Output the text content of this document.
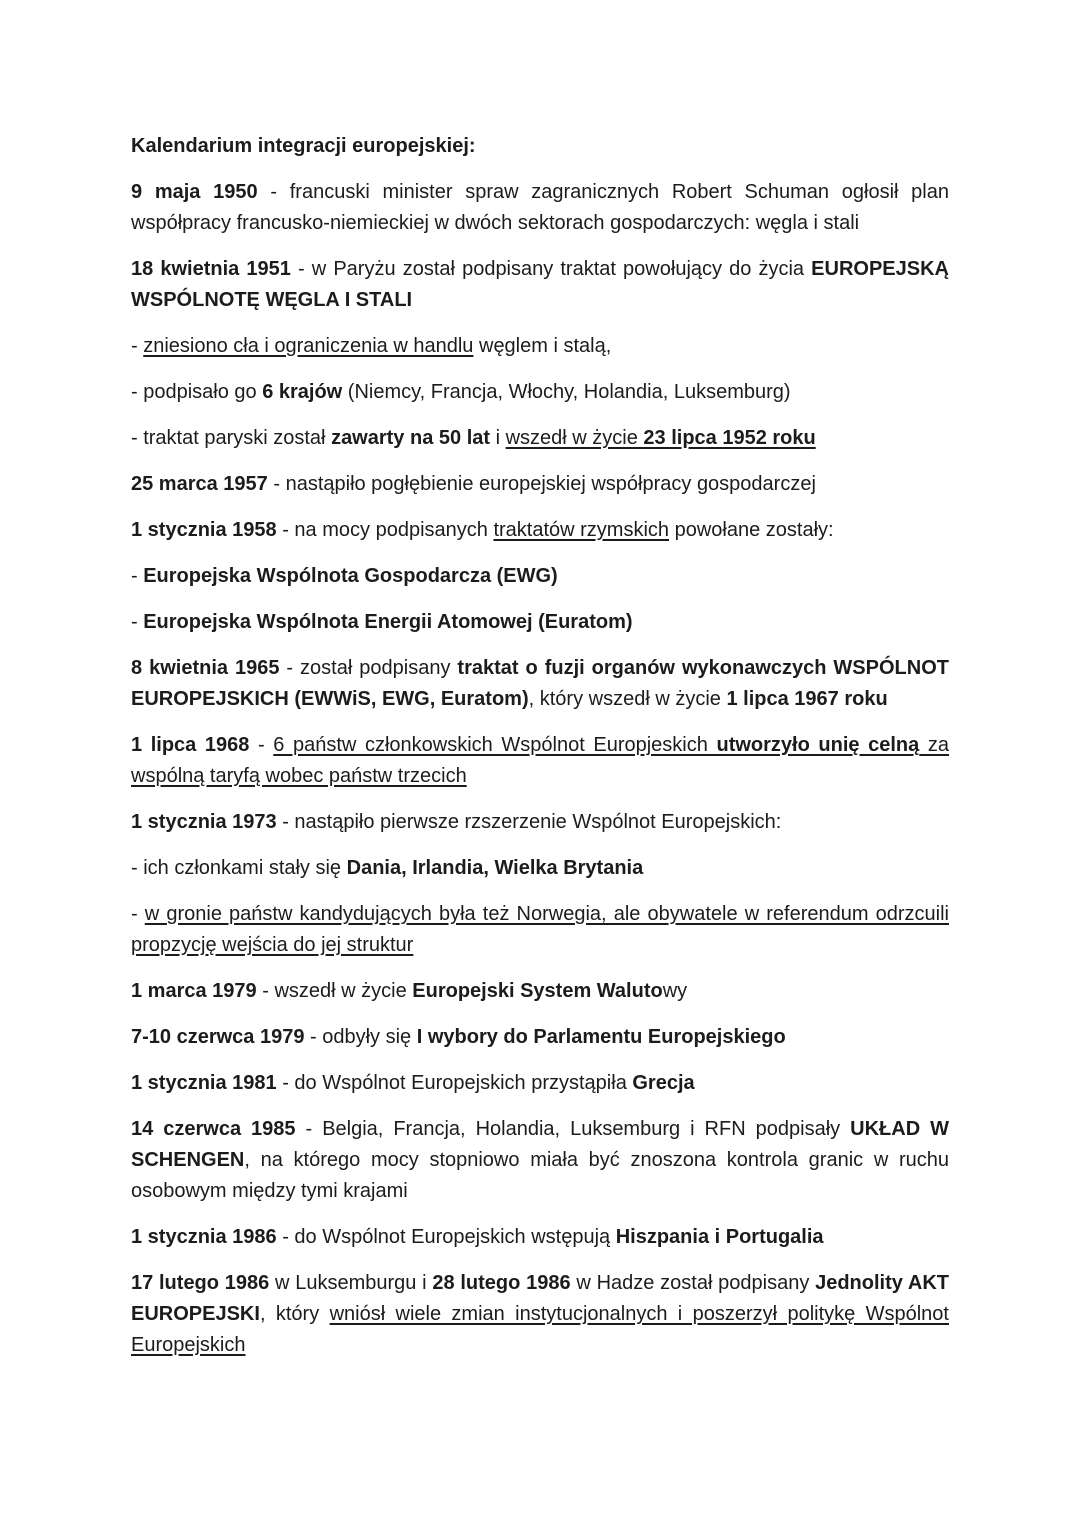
Kalendarium integracji europejskiej:

9 maja 1950 - francuski minister spraw zagranicznych Robert Schuman ogłosił plan współpracy francusko-niemieckiej w dwóch sektorach gospodarczych: węgla i stali

18 kwietnia 1951 - w Paryżu został podpisany traktat powołujący do życia EUROPEJSKĄ WSPÓLNOTĘ WĘGLA I STALI

- zniesiono cła i ograniczenia w handlu węglem i stalą,

- podpisało go 6 krajów (Niemcy, Francja, Włochy, Holandia, Luksemburg)

- traktat paryski został zawarty na 50 lat i wszedł w życie 23 lipca 1952 roku

25 marca 1957 - nastąpiło pogłębienie europejskiej współpracy gospodarczej

1 stycznia 1958 - na mocy podpisanych traktatów rzymskich powołane zostały:

- Europejska Wspólnota Gospodarcza (EWG)

- Europejska Wspólnota Energii Atomowej (Euratom)

8 kwietnia 1965 - został podpisany traktat o fuzji organów wykonawczych WSPÓLNOT EUROPEJSKICH (EWWiS, EWG, Euratom), który wszedł w życie 1 lipca 1967 roku

1 lipca 1968 - 6 państw członkowskich Wspólnot Europjeskich utworzyło unię celną za wspólną taryfą wobec państw trzecich

1 stycznia 1973 - nastąpiło pierwsze rzszerzenie Wspólnot Europejskich:

- ich członkami stały się Dania, Irlandia, Wielka Brytania

- w gronie państw kandydujących była też Norwegia, ale obywatele w referendum odrzcuili propzycję wejścia do jej struktur

1 marca 1979 - wszedł w życie Europejski System Walutowy

7-10 czerwca 1979 - odbyły się I wybory do Parlamentu Europejskiego

1 stycznia 1981 - do Wspólnot Europejskich przystąpiła Grecja

14 czerwca 1985 - Belgia, Francja, Holandia, Luksemburg i RFN podpisały UKŁAD W SCHENGEN, na którego mocy stopniowo miała być znoszona kontrola granic w ruchu osobowym między tymi krajami

1 stycznia 1986 - do Wspólnot Europejskich wstępują Hiszpania i Portugalia

17 lutego 1986 w Luksemburgu i 28 lutego 1986 w Hadze został podpisany Jednolity AKT EUROPEJSKI, który wniósł wiele zmian instytucjonalnych i poszerzył politykę Wspólnot Europejskich
